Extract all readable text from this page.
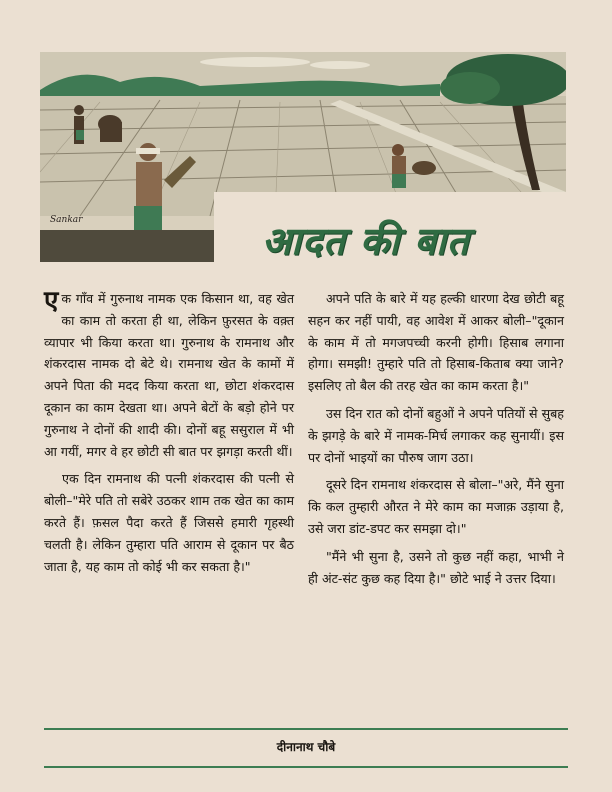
Sankar	आदत की बात

एक गाँव में गुरुनाथ नामक एक किसान था, वह खेत का काम तो करता ही था, लेकिन फ़ुरसत के वक़्त व्यापार भी किया करता था। गुरुनाथ के रामनाथ और शंकरदास नामक दो बेटे थे। रामनाथ खेत के कामों में अपने पिता की मदद किया करता था, छोटा शंकरदास दूकान का काम देखता था। अपने बेटों के बड़ो होने पर गुरुनाथ ने दोनों की शादी की। दोनों बहू ससुराल में भी आ गयीं, मगर वे हर छोटी सी बात पर झगड़ा करती थीं।

एक दिन रामनाथ की पत्नी शंकरदास की पत्नी से बोली–"मेरे पति तो सबेरे उठकर शाम तक खेत का काम करते हैं। फ़सल पैदा करते हैं जिससे हमारी गृहस्थी चलती है। लेकिन तुम्हारा पति आराम से दूकान पर बैठ जाता है, यह काम तो कोई भी कर सकता है।"

अपने पति के बारे में यह हल्की धारणा देख छोटी बहू सहन कर नहीं पायी, वह आवेश में आकर बोली–"दूकान के काम में तो मगजपच्ची करनी होगी। हिसाब लगाना होगा। समझी! तुम्हारे पति तो हिसाब-किताब क्या जाने? इसलिए तो बैल की तरह खेत का काम करता है।"

उस दिन रात को दोनों बहुओं ने अपने पतियों से सुबह के झगड़े के बारे में नामक-मिर्च लगाकर कह सुनायीं। इस पर दोनों भाइयों का पौरुष जाग उठा।

दूसरे दिन रामनाथ शंकरदास से बोला–"अरे, मैंने सुना कि कल तुम्हारी औरत ने मेरे काम का मजाक़ उड़ाया है, उसे जरा डांट-डपट कर समझा दो।"

"मैंने भी सुना है, उसने तो कुछ नहीं कहा, भाभी ने ही अंट-संट कुछ कह दिया है।" छोटे भाई ने उत्तर दिया।

दीनानाथ चौबे
